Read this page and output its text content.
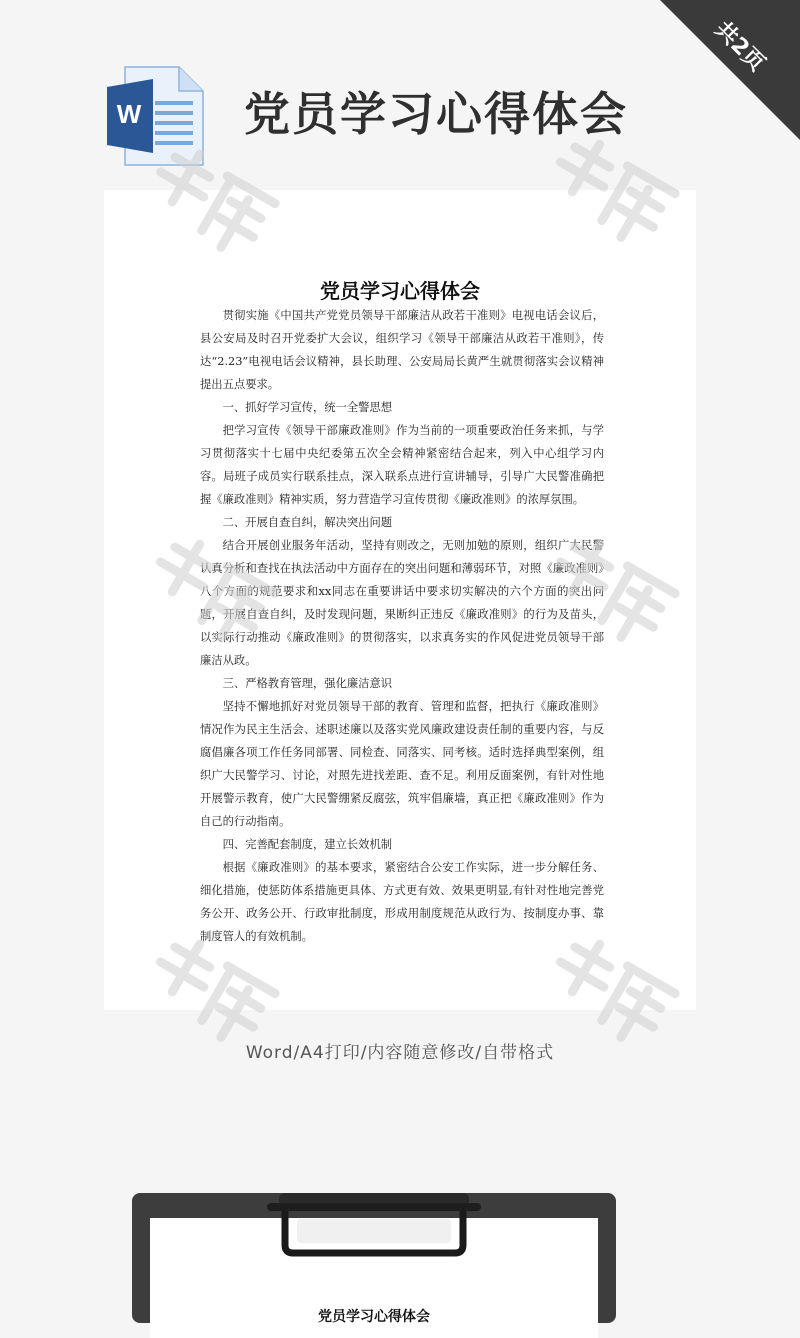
共2页
W 党员学习心得体会
党员学习心得体会

贯彻实施《中国共产党党员领导干部廉洁从政若干准则》电视电话会议后，县公安局及时召开党委扩大会议，组织学习《领导干部廉洁从政若干准则》，传达“2.23”电视电话会议精神，县长助理、公安局局长黄严生就贯彻落实会议精神提出五点要求。

一、抓好学习宣传，统一全警思想

把学习宣传《领导干部廉政准则》作为当前的一项重要政治任务来抓，与学习贯彻落实十七届中央纪委第五次全会精神紧密结合起来，列入中心组学习内容。局班子成员实行联系挂点，深入联系点进行宣讲辅导，引导广大民警准确把握《廉政准则》精神实质，努力营造学习宣传贯彻《廉政准则》的浓厚氛围。

二、开展自查自纠，解决突出问题

结合开展创业服务年活动，坚持有则改之，无则加勉的原则，组织广大民警认真分析和查找在执法活动中方面存在的突出问题和薄弱环节，对照《廉政准则》八个方面的规范要求和xx同志在重要讲话中要求切实解决的六个方面的突出问题，开展自查自纠，及时发现问题，果断纠正违反《廉政准则》的行为及苗头，以实际行动推动《廉政准则》的贯彻落实，以求真务实的作风促进党员领导干部廉洁从政。

三、严格教育管理，强化廉洁意识

坚持不懈地抓好对党员领导干部的教育、管理和监督，把执行《廉政准则》情况作为民主生活会、述职述廉以及落实党风廉政建设责任制的重要内容，与反腐倡廉各项工作任务同部署、同检查、同落实、同考核。适时选择典型案例，组织广大民警学习、讨论，对照先进找差距、查不足。利用反面案例，有针对性地开展警示教育，使广大民警绷紧反腐弦，筑牢倡廉墙，真正把《廉政准则》作为自己的行动指南。

四、完善配套制度，建立长效机制

根据《廉政准则》的基本要求，紧密结合公安工作实际，进一步分解任务、细化措施，使惩防体系措施更具体、方式更有效、效果更明显,有针对性地完善党务公开、政务公开、行政审批制度，形成用制度规范从政行为、按制度办事、靠制度管人的有效机制。

Word/A4打印/内容随意修改/自带格式
党员学习心得体会
